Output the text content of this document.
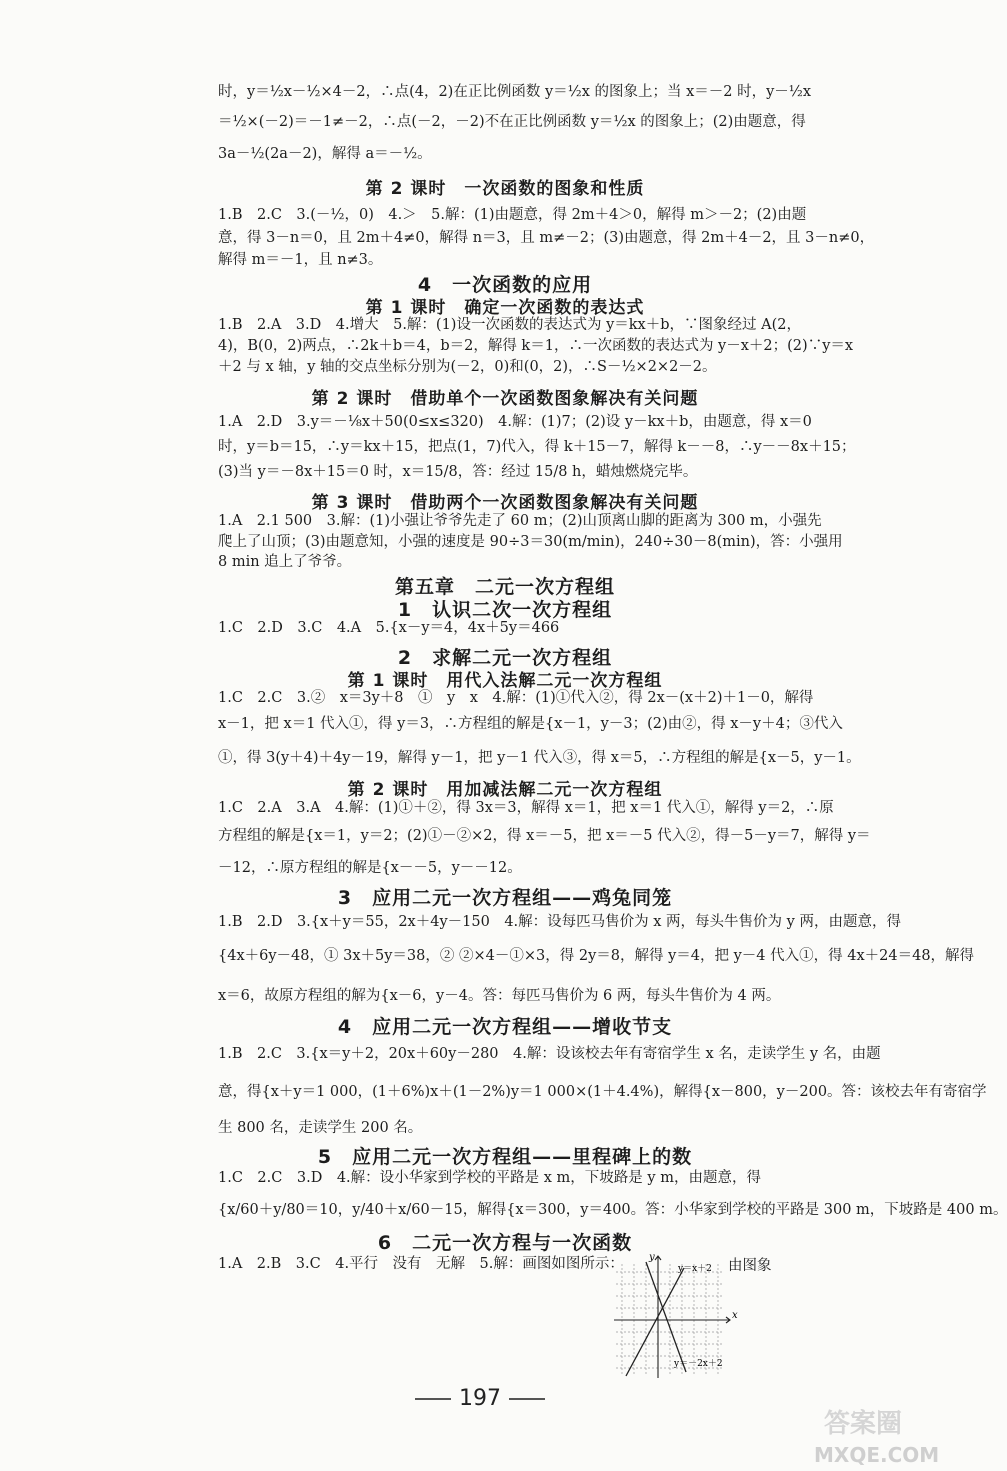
时，y＝½x－½×4－2，∴点(4，2)在正比例函数 y＝½x 的图象上；当 x＝－2 时，y－½x
＝½×(－2)＝－1≠－2，∴点(－2，－2)不在正比例函数 y＝½x 的图象上；(2)由题意，得
3a－½(2a－2)，解得 a＝－½。
第 2 课时　一次函数的图象和性质
1.B　2.C　3.(－½，0)　4.＞　5.解：(1)由题意，得 2m＋4＞0，解得 m＞－2；(2)由题
意，得 3－n＝0，且 2m＋4≠0，解得 n＝3，且 m≠－2；(3)由题意，得 2m＋4－2，且 3－n≠0，
解得 m＝－1，且 n≠3。
4　一次函数的应用
第 1 课时　确定一次函数的表达式
1.B　2.A　3.D　4.增大　5.解：(1)设一次函数的表达式为 y＝kx＋b，∵图象经过 A(2，
4)，B(0，2)两点，∴2k＋b＝4，b＝2，解得 k＝1，∴一次函数的表达式为 y－x＋2；(2)∵y＝x
＋2 与 x 轴，y 轴的交点坐标分别为(－2，0)和(0，2)，∴S－½×2×2－2。
第 2 课时　借助单个一次函数图象解决有关问题
1.A　2.D　3.y＝－⅛x＋50(0≤x≤320)　4.解：(1)7；(2)设 y－kx＋b，由题意，得 x＝0
时，y＝b＝15，∴y＝kx＋15，把点(1，7)代入，得 k＋15－7，解得 k－－8，∴y－－8x＋15；
(3)当 y＝－8x＋15＝0 时，x＝15/8，答：经过 15/8 h，蜡烛燃烧完毕。
第 3 课时　借助两个一次函数图象解决有关问题
1.A　2.1 500　3.解：(1)小强让爷爷先走了 60 m；(2)山顶离山脚的距离为 300 m，小强先
爬上了山顶；(3)由题意知，小强的速度是 90÷3＝30(m/min)，240÷30－8(min)，答：小强用
8 min 追上了爷爷。
第五章　二元一次方程组
1　认识二次一次方程组
1.C　2.D　3.C　4.A　5.{x－y＝4，4x＋5y＝466
2　求解二元一次方程组
第 1 课时　用代入法解二元一次方程组
1.C　2.C　3.②　x＝3y＋8　①　y　x　4.解：(1)①代入②，得 2x－(x＋2)＋1－0，解得
x－1，把 x＝1 代入①，得 y＝3，∴方程组的解是{x－1，y－3；(2)由②，得 x－y＋4；③代入
①，得 3(y＋4)＋4y－19，解得 y－1，把 y－1 代入③，得 x＝5，∴方程组的解是{x－5，y－1。
第 2 课时　用加减法解二元一次方程组
1.C　2.A　3.A　4.解：(1)①＋②，得 3x＝3，解得 x＝1，把 x＝1 代入①，解得 y＝2，∴原
方程组的解是{x＝1，y＝2；(2)①－②×2，得 x＝－5，把 x＝－5 代入②，得－5－y＝7，解得 y＝
－12，∴原方程组的解是{x－－5，y－－12。
3　应用二元一次方程组——鸡兔同笼
1.B　2.D　3.{x＋y＝55，2x＋4y－150　4.解：设每匹马售价为 x 两，每头牛售价为 y 两，由题意，得
{4x＋6y－48，① 3x＋5y＝38，② ②×4－①×3，得 2y＝8，解得 y＝4，把 y－4 代入①，得 4x＋24＝48，解得
x＝6，故原方程组的解为{x－6，y－4。答：每匹马售价为 6 两，每头牛售价为 4 两。
4　应用二元一次方程组——增收节支
1.B　2.C　3.{x＝y＋2，20x＋60y－280　4.解：设该校去年有寄宿学生 x 名，走读学生 y 名，由题
意，得{x＋y＝1 000，(1＋6%)x＋(1－2%)y＝1 000×(1＋4.4%)，解得{x－800，y－200。答：该校去年有寄宿学
生 800 名，走读学生 200 名。
5　应用二元一次方程组——里程碑上的数
1.C　2.C　3.D　4.解：设小华家到学校的平路是 x m，下坡路是 y m，由题意，得
{x/60＋y/80＝10，y/40＋x/60－15，解得{x＝300，y＝400。答：小华家到学校的平路是 300 m，下坡路是 400 m。
6　二元一次方程与一次函数
1.A　2.B　3.C　4.平行　没有　无解　5.解：画图如图所示：	由图象
y
x
y＝x＋2
y＝－2x＋2
197
答案圈
MXQE.COM
